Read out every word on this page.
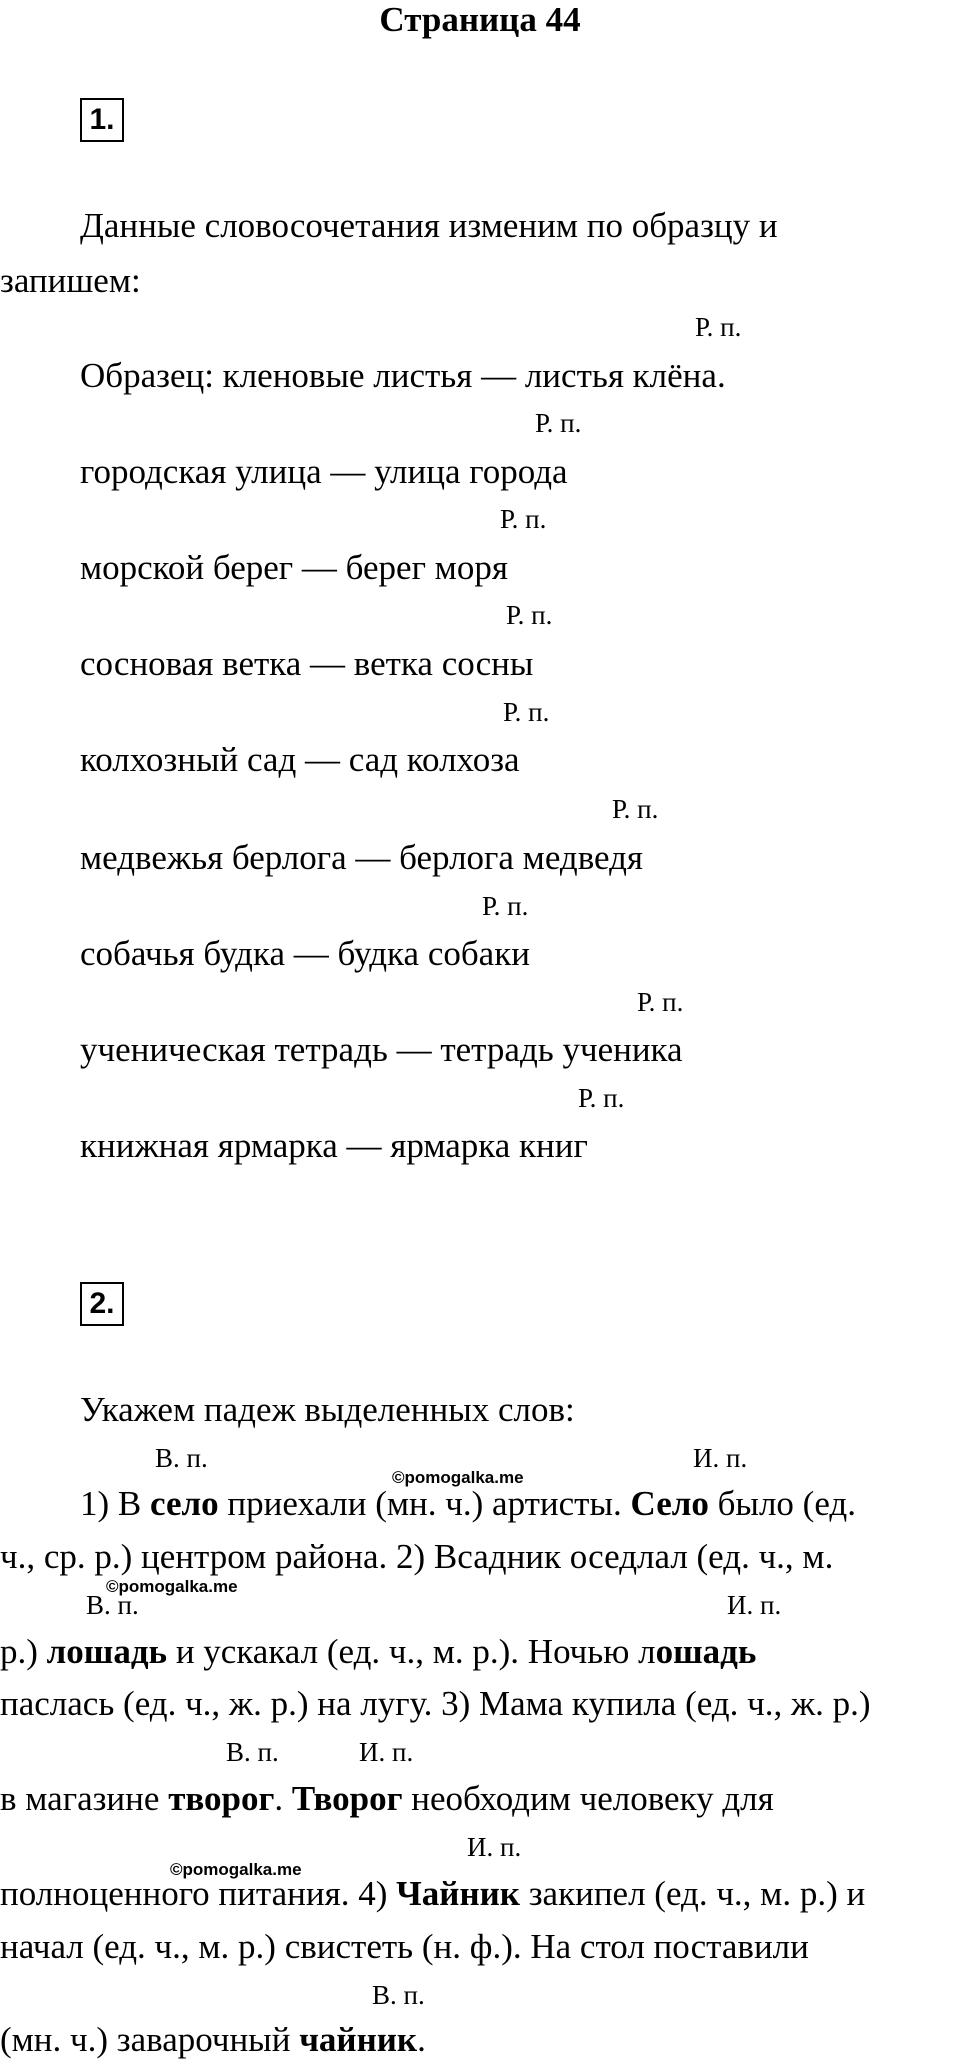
Страница 44
1.
Данные словосочетания изменим по образцу и
запишем:
Р. п.
Образец: кленовые листья — листья клёна.
Р. п.
городская улица — улица города
Р. п.
морской берег — берег моря
Р. п.
сосновая ветка — ветка сосны
Р. п.
колхозный сад — сад колхоза
Р. п.
медвежья берлога — берлога медведя
Р. п.
собачья будка — будка собаки
Р. п.
ученическая тетрадь — тетрадь ученика
Р. п.
книжная ярмарка — ярмарка книг
2.
Укажем падеж выделенных слов:
В. п.
©pomogalka.me
И. п.
1) В село приехали (мн. ч.) артисты. Село было (ед.
ч., ср. р.) центром района. 2) Всадник оседлал (ед. ч., м.
В. п.
©pomogalka.me
И. п.
р.) лошадь и ускакал (ед. ч., м. р.). Ночью лошадь
паслась (ед. ч., ж. р.) на лугу. 3) Мама купила (ед. ч., ж. р.)
В. п.	И. п.
в магазине творог. Творог необходим человеку для
И. п.
©pomogalka.me
полноценного питания. 4) Чайник закипел (ед. ч., м. р.) и
начал (ед. ч., м. р.) свистеть (н. ф.). На стол поставили
В. п.
(мн. ч.) заварочный чайник.
